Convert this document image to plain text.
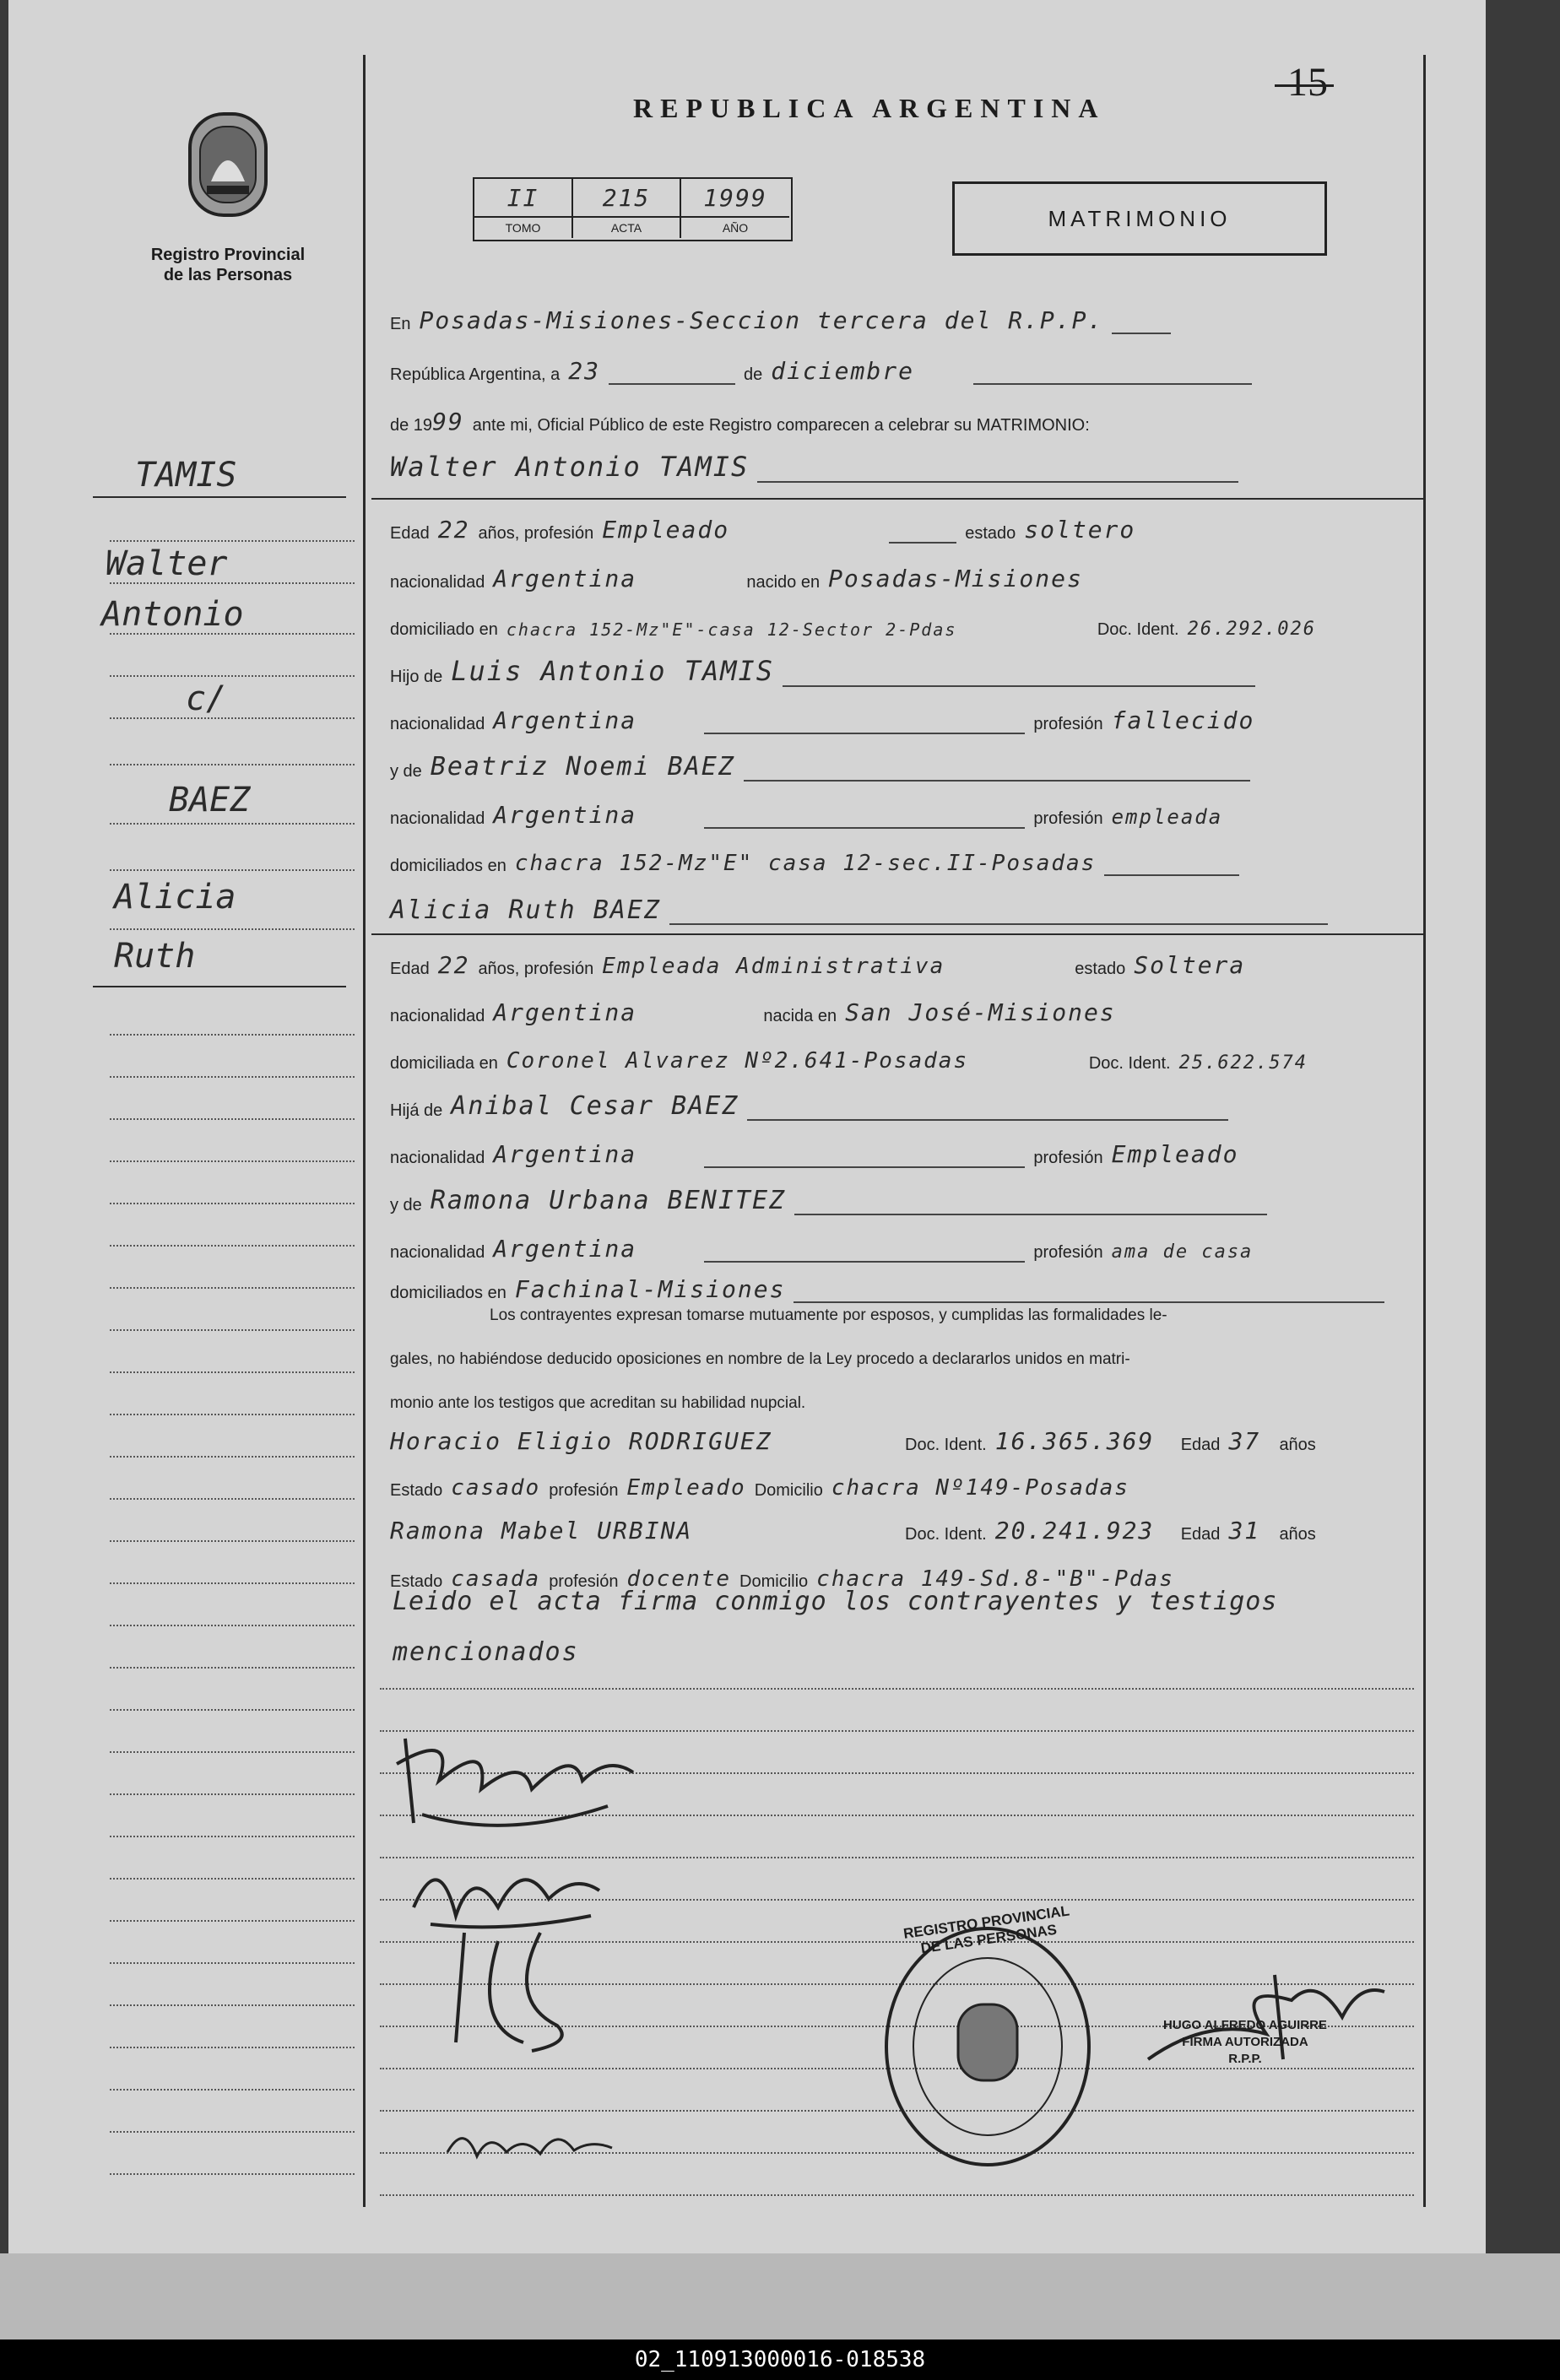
REPUBLICA ARGENTINA
15
Registro Provincial
de las Personas
II
TOMO
215
ACTA
1999
AÑO	MATRIMONIO
TAMIS
Walter
Antonio
c/
BAEZ
Alicia
Ruth
En Posadas-Misiones-Seccion tercera del R.P.P.
República Argentina, a 23	de diciembre
de 19 99 ante mi, Oficial Público de este Registro comparecen a celebrar su MATRIMONIO:
Walter Antonio TAMIS
Edad 22 años, profesión Empleado	estado soltero
nacionalidad Argentina	nacido en Posadas-Misiones
domiciliado en chacra 152-Mz"E"-casa 12-Sector 2-Pdas	Doc. Ident. 26.292.026
Hijo de Luis Antonio TAMIS
nacionalidad Argentina	profesión fallecido
y de Beatriz Noemi BAEZ
nacionalidad Argentina	profesión empleada
domiciliados en chacra 152-Mz"E" casa 12-sec.II-Posadas
Alicia Ruth BAEZ
Edad 22 años, profesión Empleada Administrativa	estado Soltera
nacionalidad Argentina	nacida en San José-Misiones
domiciliada en Coronel Alvarez Nº2.641-Posadas	Doc. Ident. 25.622.574
Hijá de Anibal Cesar BAEZ
nacionalidad Argentina	profesión Empleado
y de Ramona Urbana BENITEZ
nacionalidad Argentina	profesión ama de casa
domiciliados en Fachinal-Misiones
Los contrayentes expresan tomarse mutuamente por esposos, y cumplidas las formalidades le-
gales, no habiéndose deducido oposiciones en nombre de la Ley procedo a declararlos unidos en matri-
monio ante los testigos que acreditan su habilidad nupcial.
Horacio Eligio RODRIGUEZ	Doc. Ident. 16.365.369	Edad 37	años
Estado casado profesión Empleado Domicilio chacra Nº149-Posadas
Ramona Mabel URBINA	Doc. Ident. 20.241.923	Edad 31	años
Estado casada profesión docente Domicilio chacra 149-Sd.8-"B"-Pdas
Leido el acta firma conmigo los contrayentes y testigos
mencionados
REGISTRO PROVINCIAL DE LAS PERSONAS
HUGO ALFREDO AGUIRRE
FIRMA AUTORIZADA
R.P.P.
02_110913000016-018538
